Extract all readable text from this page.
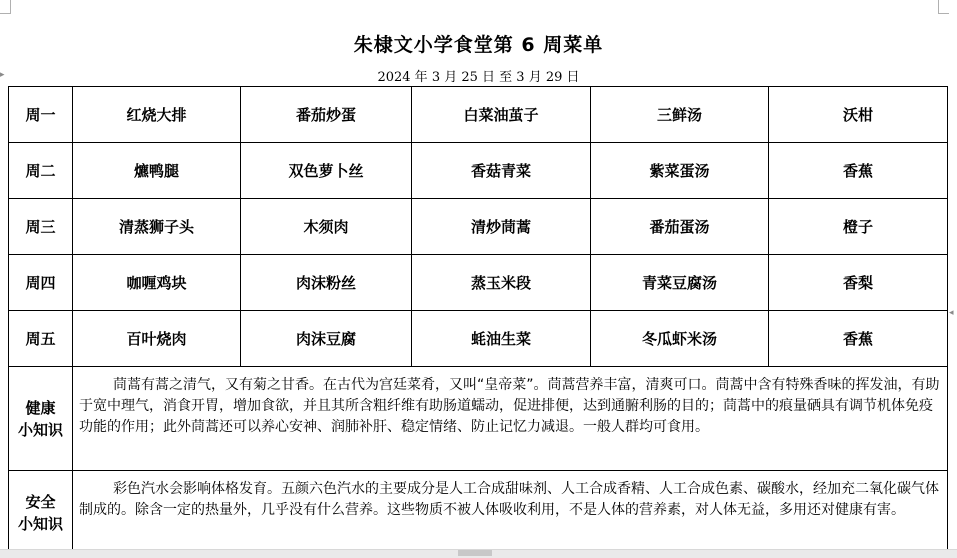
▸
◂
朱棣文小学食堂第 6 周菜单
2024 年 3 月 25 日 至 3 月 29 日
周一	红烧大排	番茄炒蛋	白菜油茧子	三鲜汤	沃柑
周二	爊鸭腿	双色萝卜丝	香菇青菜	紫菜蛋汤	香蕉
周三	清蒸狮子头	木须肉	清炒茼蒿	番茄蛋汤	橙子
周四	咖喱鸡块	肉沫粉丝	蒸玉米段	青菜豆腐汤	香梨
周五	百叶烧肉	肉沫豆腐	蚝油生菜	冬瓜虾米汤	香蕉

健康
小知识	茼蒿有蒿之清气，又有菊之甘香。在古代为宫廷菜肴，又叫“皇帝菜”。茼蒿营养丰富，清爽可口。茼蒿中含有特殊香味的挥发油，有助于宽中理气，消食开胃，增加食欲，并且其所含粗纤维有助肠道蠕动，促进排便，达到通腑利肠的目的；茼蒿中的痕量硒具有调节机体免疫功能的作用；此外茼蒿还可以养心安神、润肺补肝、稳定情绪、防止记忆力减退。一般人群均可食用。				

安全
小知识	彩色汽水会影响体格发育。五颜六色汽水的主要成分是人工合成甜味剂、人工合成香精、人工合成色素、碳酸水，经加充二氧化碳气体制成的。除含一定的热量外，几乎没有什么营养。这些物质不被人体吸收利用，不是人体的营养素，对人体无益，多用还对健康有害。				
